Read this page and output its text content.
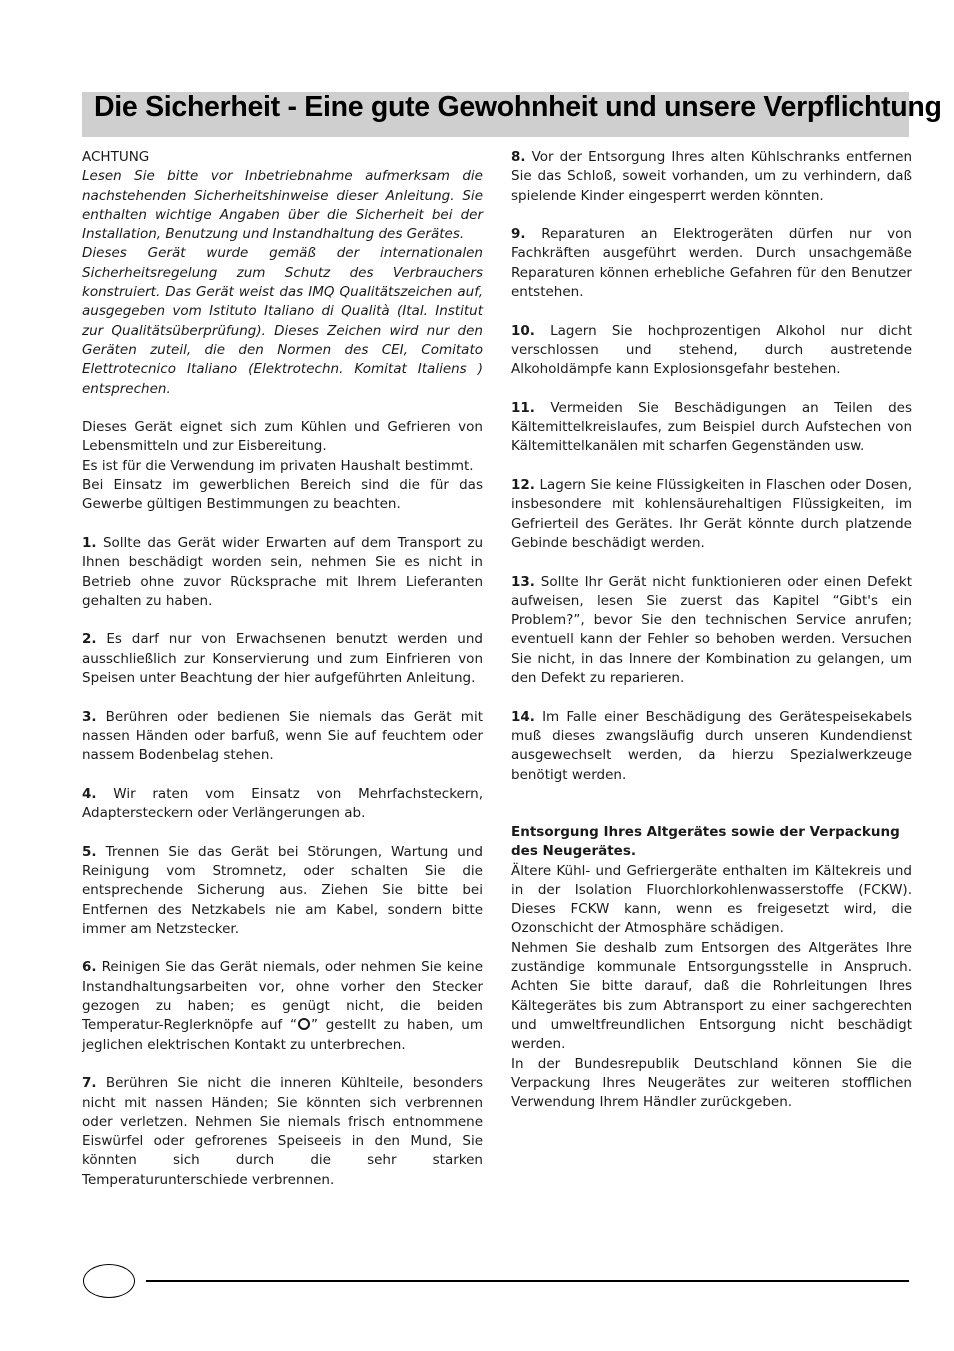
Die Sicherheit - Eine gute Gewohnheit und unsere Verpflichtung

ACHTUNG

Lesen Sie bitte vor Inbetriebnahme aufmerksam die nachstehenden Sicherheitshinweise dieser Anleitung. Sie enthalten wichtige Angaben über die Sicherheit bei der Installation, Benutzung und Instandhaltung des Gerätes.

Dieses Gerät wurde gemäß der internationalen Sicherheitsregelung zum Schutz des Verbrauchers konstruiert. Das Gerät weist das IMQ Qualitätszeichen auf, ausgegeben vom Istituto Italiano di Qualità (Ital. Institut zur Qualitätsüberprüfung). Dieses Zeichen wird nur den Geräten zuteil, die den Normen des CEI, Comitato Elettrotecnico Italiano (Elektrotechn. Komitat Italiens ) entsprechen.

Dieses Gerät eignet sich zum Kühlen und Gefrieren von Lebensmitteln und zur Eisbereitung.

Es ist für die Verwendung im privaten Haushalt bestimmt.

Bei Einsatz im gewerblichen Bereich sind die für das Gewerbe gültigen Bestimmungen zu beachten.

1. Sollte das Gerät wider Erwarten auf dem Transport zu Ihnen beschädigt worden sein, nehmen Sie es nicht in Betrieb ohne zuvor Rücksprache mit Ihrem Lieferanten gehalten zu haben.

2. Es darf nur von Erwachsenen benutzt werden und ausschließlich zur Konservierung und zum Einfrieren von Speisen unter Beachtung der hier aufgeführten Anleitung.

3. Berühren oder bedienen Sie niemals das Gerät mit nassen Händen oder barfuß, wenn Sie auf feuchtem oder nassem Bodenbelag stehen.

4. Wir raten vom Einsatz von Mehrfachsteckern, Adaptersteckern oder Verlängerungen ab.

5. Trennen Sie das Gerät bei Störungen, Wartung und Reinigung vom Stromnetz, oder schalten Sie die entsprechende Sicherung aus. Ziehen Sie bitte bei Entfernen des Netzkabels nie am Kabel, sondern bitte immer am Netzstecker.

6. Reinigen Sie das Gerät niemals, oder nehmen Sie keine Instandhaltungsarbeiten vor, ohne vorher den Stecker gezogen zu haben; es genügt nicht, die beiden Temperatur-Reglerknöpfe auf “ ” gestellt zu haben, um jeglichen elektrischen Kontakt zu unterbrechen.

7. Berühren Sie nicht die inneren Kühlteile, besonders nicht mit nassen Händen; Sie könnten sich verbrennen oder verletzen. Nehmen Sie niemals frisch entnommene Eiswürfel oder gefrorenes Speiseeis in den Mund, Sie könnten sich durch die sehr starken Temperaturunterschiede verbrennen.

8. Vor der Entsorgung Ihres alten Kühlschranks entfernen Sie das Schloß, soweit vorhanden, um zu verhindern, daß spielende Kinder eingesperrt werden könnten.

9. Reparaturen an Elektrogeräten dürfen nur von Fachkräften ausgeführt werden. Durch unsachgemäße Reparaturen können erhebliche Gefahren für den Benutzer entstehen.

10. Lagern Sie hochprozentigen Alkohol nur dicht verschlossen und stehend, durch austretende Alkoholdämpfe kann Explosionsgefahr bestehen.

11. Vermeiden Sie Beschädigungen an Teilen des Kältemittelkreislaufes, zum Beispiel durch Aufstechen von Kältemittelkanälen mit scharfen Gegenständen usw.

12. Lagern Sie keine Flüssigkeiten in Flaschen oder Dosen, insbesondere mit kohlensäurehaltigen Flüssigkeiten, im Gefrierteil des Gerätes. Ihr Gerät könnte durch platzende Gebinde beschädigt werden.

13. Sollte Ihr Gerät nicht funktionieren oder einen Defekt aufweisen, lesen Sie zuerst das Kapitel “Gibt's ein Problem?”, bevor Sie den technischen Service anrufen; eventuell kann der Fehler so behoben werden. Versuchen Sie nicht, in das Innere der Kombination zu gelangen, um den Defekt zu reparieren.

14. Im Falle einer Beschädigung des Gerätespeisekabels muß dieses zwangsläufig durch unseren Kundendienst ausgewechselt werden, da hierzu Spezialwerkzeuge benötigt werden.

Entsorgung Ihres Altgerätes sowie der Verpackung des Neugerätes.

Ältere Kühl- und Gefriergeräte enthalten im Kältekreis und in der Isolation Fluorchlorkohlenwasserstoffe (FCKW). Dieses FCKW kann, wenn es freigesetzt wird, die Ozonschicht der Atmosphäre schädigen.

Nehmen Sie deshalb zum Entsorgen des Altgerätes Ihre zuständige kommunale Entsorgungsstelle in Anspruch. Achten Sie bitte darauf, daß die Rohrleitungen Ihres Kältegerätes bis zum Abtransport zu einer sachgerechten und umweltfreundlichen Entsorgung nicht beschädigt werden.

In der Bundesrepublik Deutschland können Sie die Verpackung Ihres Neugerätes zur weiteren stofflichen Verwendung Ihrem Händler zurückgeben.
